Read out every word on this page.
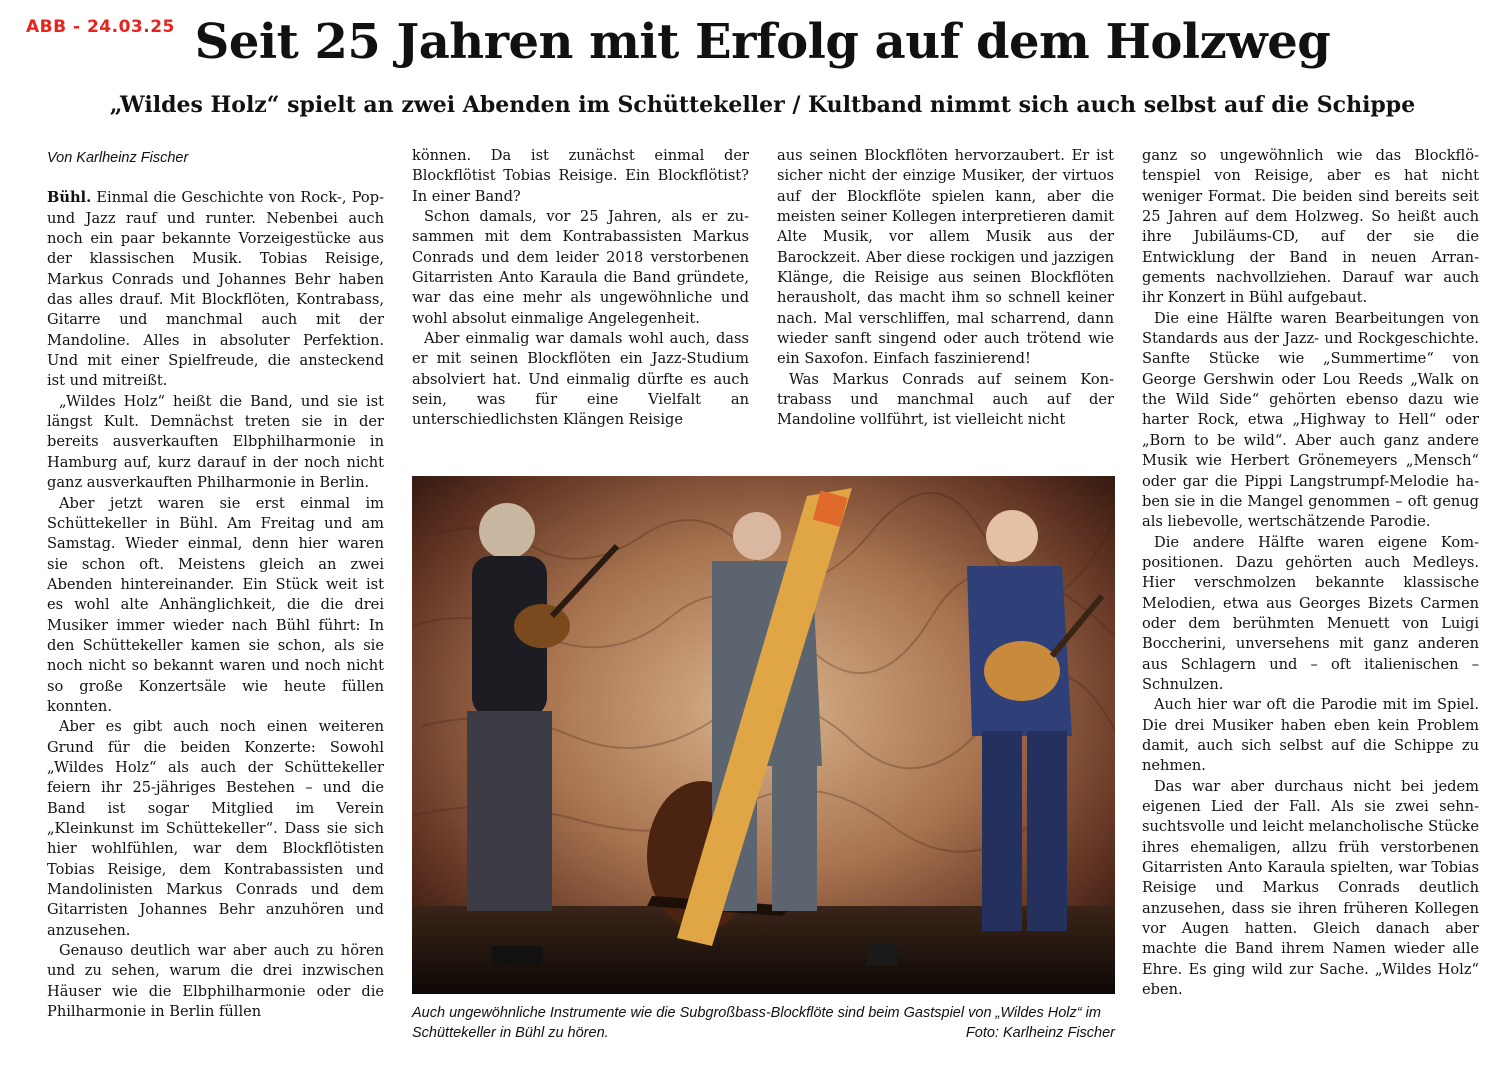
ABB - 24.03.25 Seit 25 Jahren mit Erfolg auf dem Holzweg
„Wildes Holz“ spielt an zwei Abenden im Schüttekeller / Kultband nimmt sich auch selbst auf die Schippe
Von Karlheinz Fischer

Bühl. Einmal die Geschichte von Rock-, Pop- und Jazz rauf und runter. Nebenbei auch noch ein paar bekannte Vorzeigestücke aus der klassischen Musik. Tobias Reisige, Markus Conrads und Johannes Behr haben das alles drauf. Mit Blockflöten, Kontrabass, Gitarre und manchmal auch mit der Mandoline. Alles in absoluter Perfektion. Und mit einer Spielfreude, die ansteckend ist und mitreißt.

„Wildes Holz“ heißt die Band, und sie ist längst Kult. Demnächst treten sie in der bereits ausverkauften Elbphilharmonie in Hamburg auf, kurz darauf in der noch nicht ganz ausverkauften Philharmonie in Berlin.

Aber jetzt waren sie erst einmal im Schüttekeller in Bühl. Am Freitag und am Samstag. Wieder einmal, denn hier waren sie schon oft. Meistens gleich an zwei Abenden hintereinander. Ein Stück weit ist es wohl alte Anhänglichkeit, die die drei Musiker immer wieder nach Bühl führt: In den Schüttekeller kamen sie schon, als sie noch nicht so bekannt waren und noch nicht so große Konzertsäle wie heute füllen konnten.

Aber es gibt auch noch einen weiteren Grund für die beiden Konzerte: Sowohl „Wildes Holz“ als auch der Schüttekeller feiern ihr 25-jähriges Bestehen – und die Band ist sogar Mitglied im Verein „Kleinkunst im Schüttekeller“. Dass sie sich hier wohlfühlen, war dem Blockflötisten Tobias Reisige, dem Kontrabassisten und Mandolinisten Markus Conrads und dem Gitarristen Johannes Behr anzuhören und anzusehen.

Genauso deutlich war aber auch zu hören und zu sehen, warum die drei inzwischen Häuser wie die Elbphilharmonie oder die Philharmonie in Berlin füllen

können. Da ist zunächst einmal der Blockflötist Tobias Reisige. Ein Blockflötist? In einer Band?

Schon damals, vor 25 Jahren, als er zusammen mit dem Kontrabassisten Markus Conrads und dem leider 2018 verstorbenen Gitarristen Anto Karaula die Band gründete, war das eine mehr als ungewöhnliche und wohl absolut einmalige Angelegenheit.

Aber einmalig war damals wohl auch, dass er mit seinen Blockflöten ein Jazz-Studium absolviert hat. Und einmalig dürfte es auch sein, was für eine Vielfalt an unterschiedlichsten Klängen Reisige

aus seinen Blockflöten hervorzaubert. Er ist sicher nicht der einzige Musiker, der virtuos auf der Blockflöte spielen kann, aber die meisten seiner Kollegen interpretieren damit Alte Musik, vor allem Musik aus der Barockzeit. Aber diese rockigen und jazzigen Klänge, die Reisige aus seinen Blockflöten herausholt, das macht ihm so schnell keiner nach. Mal verschliffen, mal scharrend, dann wieder sanft singend oder auch trötend wie ein Saxofon. Einfach faszinierend!

Was Markus Conrads auf seinem Kontrabass und manchmal auch auf der Mandoline vollführt, ist vielleicht nicht

ganz so ungewöhnlich wie das Blockflötenspiel von Reisige, aber es hat nicht weniger Format. Die beiden sind bereits seit 25 Jahren auf dem Holzweg. So heißt auch ihre Jubiläums-CD, auf der sie die Entwicklung der Band in neuen Arrangements nachvollziehen. Darauf war auch ihr Konzert in Bühl aufgebaut.

Die eine Hälfte waren Bearbeitungen von Standards aus der Jazz- und Rockgeschichte. Sanfte Stücke wie „Summertime“ von George Gershwin oder Lou Reeds „Walk on the Wild Side“ gehörten ebenso dazu wie harter Rock, etwa „Highway to Hell“ oder „Born to be wild“. Aber auch ganz andere Musik wie Herbert Grönemeyers „Mensch“ oder gar die Pippi Langstrumpf-Melodie haben sie in die Mangel genommen – oft genug als liebevolle, wertschätzende Parodie.

Die andere Hälfte waren eigene Kompositionen. Dazu gehörten auch Medleys. Hier verschmolzen bekannte klassische Melodien, etwa aus Georges Bizets Carmen oder dem berühmten Menuett von Luigi Boccherini, unversehens mit ganz anderen aus Schlagern und – oft italienischen – Schnulzen.

Auch hier war oft die Parodie mit im Spiel. Die drei Musiker haben eben kein Problem damit, auch sich selbst auf die Schippe zu nehmen.

Das war aber durchaus nicht bei jedem eigenen Lied der Fall. Als sie zwei sehnsuchtsvolle und leicht melancholische Stücke ihres ehemaligen, allzu früh verstorbenen Gitarristen Anto Karaula spielten, war Tobias Reisige und Markus Conrads deutlich anzusehen, dass sie ihren früheren Kollegen vor Augen hatten. Gleich danach aber machte die Band ihrem Namen wieder alle Ehre. Es ging wild zur Sache. „Wildes Holz“ eben.

Auch ungewöhnliche Instrumente wie die Subgroßbass-Blockflöte sind beim Gastspiel von „Wildes Holz“ im Schüttekeller in Bühl zu hören.	Foto: Karlheinz Fischer
